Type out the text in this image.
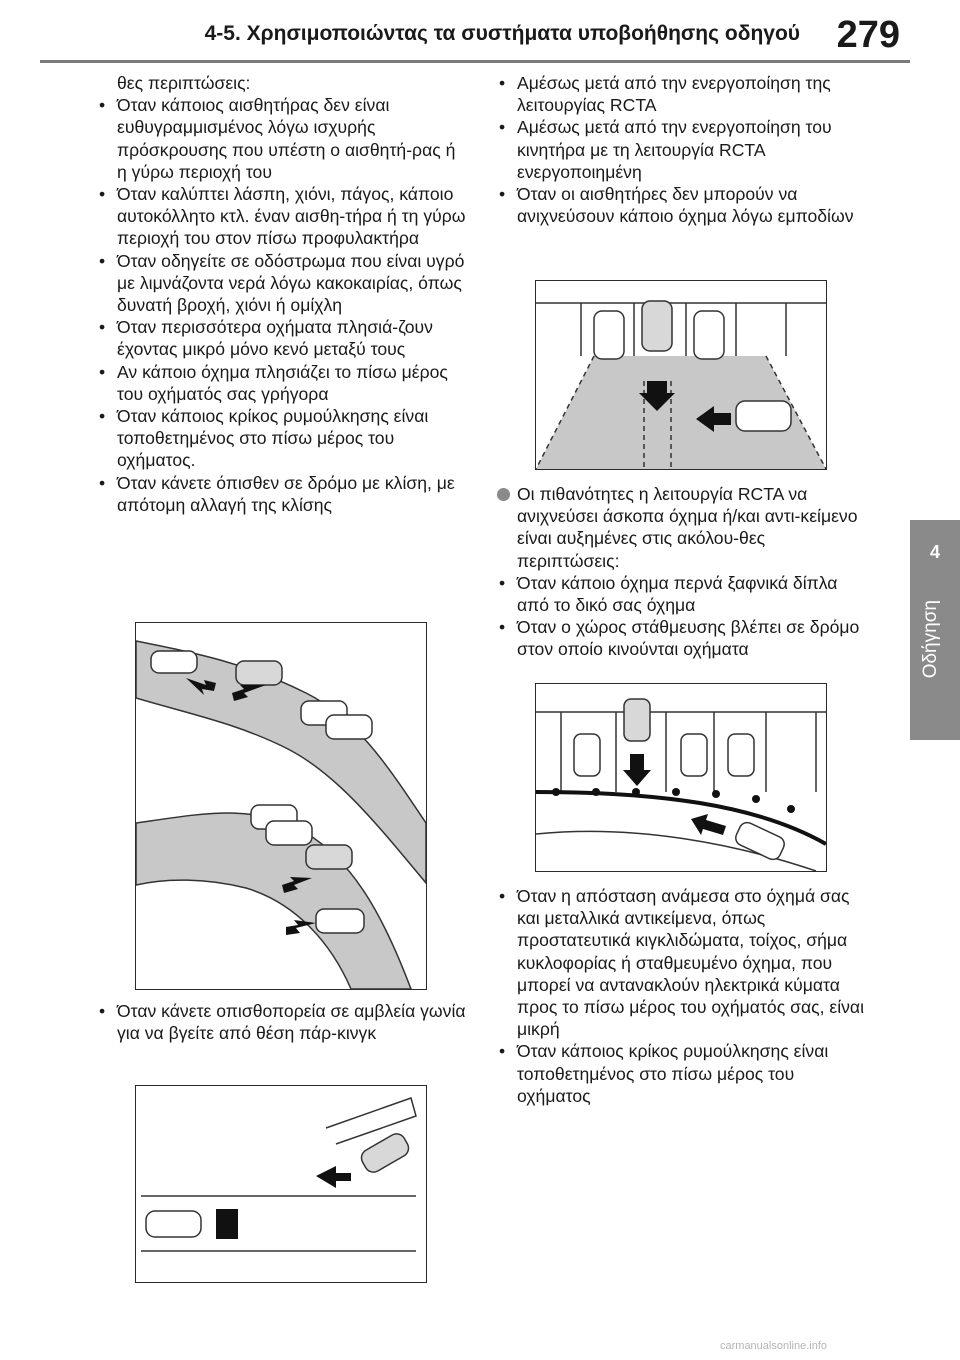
4-5. Χρησιμοποιώντας τα συστήματα υποβοήθησης οδηγού 279
4
Οδήγηση

θες περιπτώσεις:

• Όταν κάποιος αισθητήρας δεν είναι ευθυγραμμισμένος λόγω ισχυρής πρόσκρουσης που υπέστη ο αισθητή-ρας ή η γύρω περιοχή του
• Όταν καλύπτει λάσπη, χιόνι, πάγος, κάποιο αυτοκόλλητο κτλ. έναν αισθη-τήρα ή τη γύρω περιοχή του στον πίσω προφυλακτήρα
• Όταν οδηγείτε σε οδόστρωμα που είναι υγρό με λιμνάζοντα νερά λόγω κακοκαιρίας, όπως δυνατή βροχή, χιόνι ή ομίχλη
• Όταν περισσότερα οχήματα πλησιά-ζουν έχοντας μικρό μόνο κενό μεταξύ τους
• Αν κάποιο όχημα πλησιάζει το πίσω μέρος του οχήματός σας γρήγορα
• Όταν κάποιος κρίκος ρυμούλκησης είναι τοποθετημένος στο πίσω μέρος του οχήματος.
• Όταν κάνετε όπισθεν σε δρόμο με κλίση, με απότομη αλλαγή της κλίσης
• Όταν κάνετε οπισθοπορεία σε αμβλεία γωνία για να βγείτε από θέση πάρ-κινγκ
• Αμέσως μετά από την ενεργοποίηση της λειτουργίας RCTA
• Αμέσως μετά από την ενεργοποίηση του κινητήρα με τη λειτουργία RCTA ενεργοποιημένη
• Όταν οι αισθητήρες δεν μπορούν να ανιχνεύσουν κάποιο όχημα λόγω εμποδίων

Οι πιθανότητες η λειτουργία RCTA να ανιχνεύσει άσκοπα όχημα ή/και αντι-κείμενο είναι αυξημένες στις ακόλου-θες περιπτώσεις:

• Όταν κάποιο όχημα περνά ξαφνικά δίπλα από το δικό σας όχημα
• Όταν ο χώρος στάθμευσης βλέπει σε δρόμο στον οποίο κινούνται οχήματα
• Όταν η απόσταση ανάμεσα στο όχημά σας και μεταλλικά αντικείμενα, όπως προστατευτικά κιγκλιδώματα, τοίχος, σήμα κυκλοφορίας ή σταθμευμένο όχημα, που μπορεί να αντανακλούν ηλεκτρικά κύματα προς το πίσω μέρος του οχήματός σας, είναι μικρή
• Όταν κάποιος κρίκος ρυμούλκησης είναι τοποθετημένος στο πίσω μέρος του οχήματος
carmanualsonline.info
